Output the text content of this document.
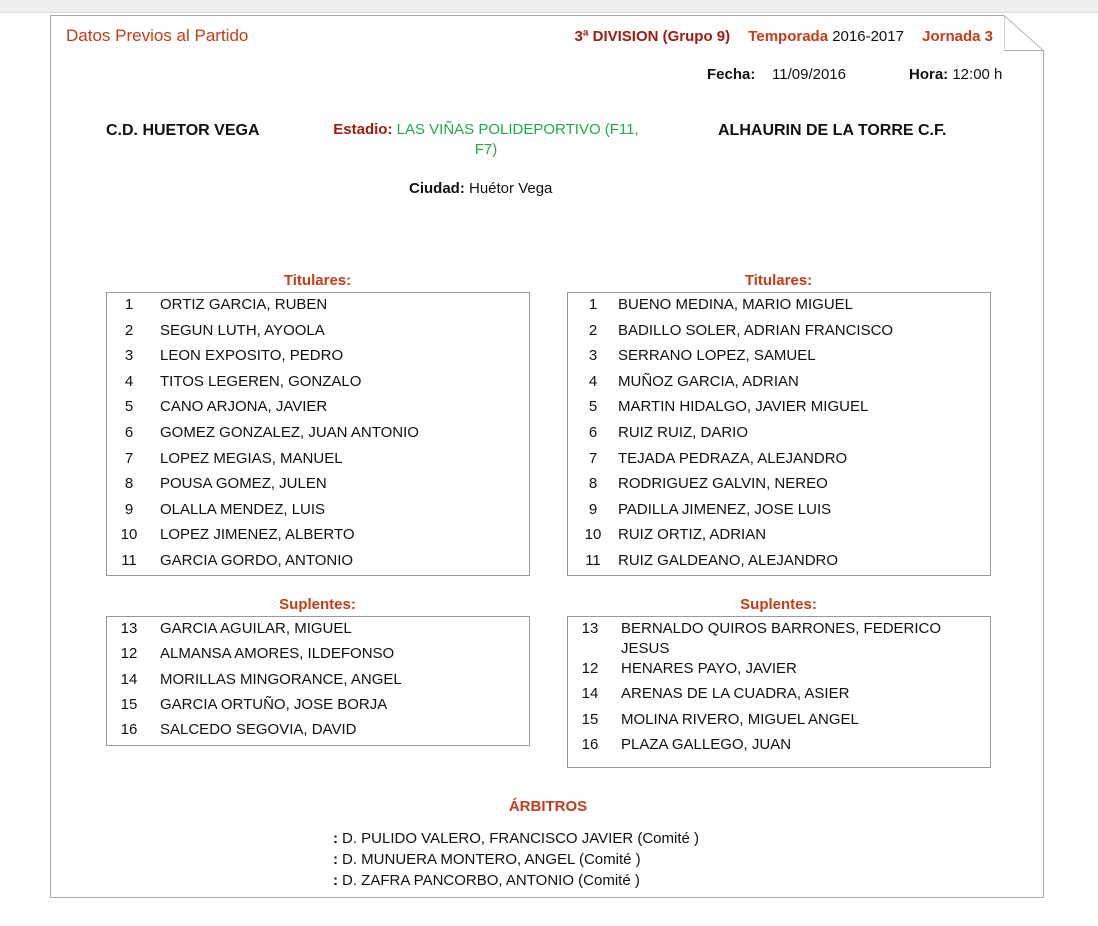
Datos Previos al Partido	3ª DIVISION (Grupo 9) Temporada 2016-2017 Jornada 3
Fecha: 11/09/2016	Hora: 12:00 h
C.D. HUETOR VEGA	Estadio: LAS VIÑAS POLIDEPORTIVO (F11, F7)
ALHAURIN DE LA TORRE C.F.
Ciudad: Huétor Vega
Titulares:
1	ORTIZ GARCIA, RUBEN
2	SEGUN LUTH, AYOOLA
3	LEON EXPOSITO, PEDRO
4	TITOS LEGEREN, GONZALO
5	CANO ARJONA, JAVIER
6	GOMEZ GONZALEZ, JUAN ANTONIO
7	LOPEZ MEGIAS, MANUEL
8	POUSA GOMEZ, JULEN
9	OLALLA MENDEZ, LUIS
10	LOPEZ JIMENEZ, ALBERTO
11	GARCIA GORDO, ANTONIO
Titulares:
1	BUENO MEDINA, MARIO MIGUEL
2	BADILLO SOLER, ADRIAN FRANCISCO
3	SERRANO LOPEZ, SAMUEL
4	MUÑOZ GARCIA, ADRIAN
5	MARTIN HIDALGO, JAVIER MIGUEL
6	RUIZ RUIZ, DARIO
7	TEJADA PEDRAZA, ALEJANDRO
8	RODRIGUEZ GALVIN, NEREO
9	PADILLA JIMENEZ, JOSE LUIS
10	RUIZ ORTIZ, ADRIAN
11	RUIZ GALDEANO, ALEJANDRO
Suplentes:
13	GARCIA AGUILAR, MIGUEL
12	ALMANSA AMORES, ILDEFONSO
14	MORILLAS MINGORANCE, ANGEL
15	GARCIA ORTUÑO, JOSE BORJA
16	SALCEDO SEGOVIA, DAVID
Suplentes:
13	BERNALDO QUIROS BARRONES, FEDERICO JESUS
12	HENARES PAYO, JAVIER
14	ARENAS DE LA CUADRA, ASIER
15	MOLINA RIVERO, MIGUEL ANGEL
16	PLAZA GALLEGO, JUAN
ÁRBITROS
: D. PULIDO VALERO, FRANCISCO JAVIER (Comité )
: D. MUNUERA MONTERO, ANGEL (Comité )
: D. ZAFRA PANCORBO, ANTONIO (Comité )
